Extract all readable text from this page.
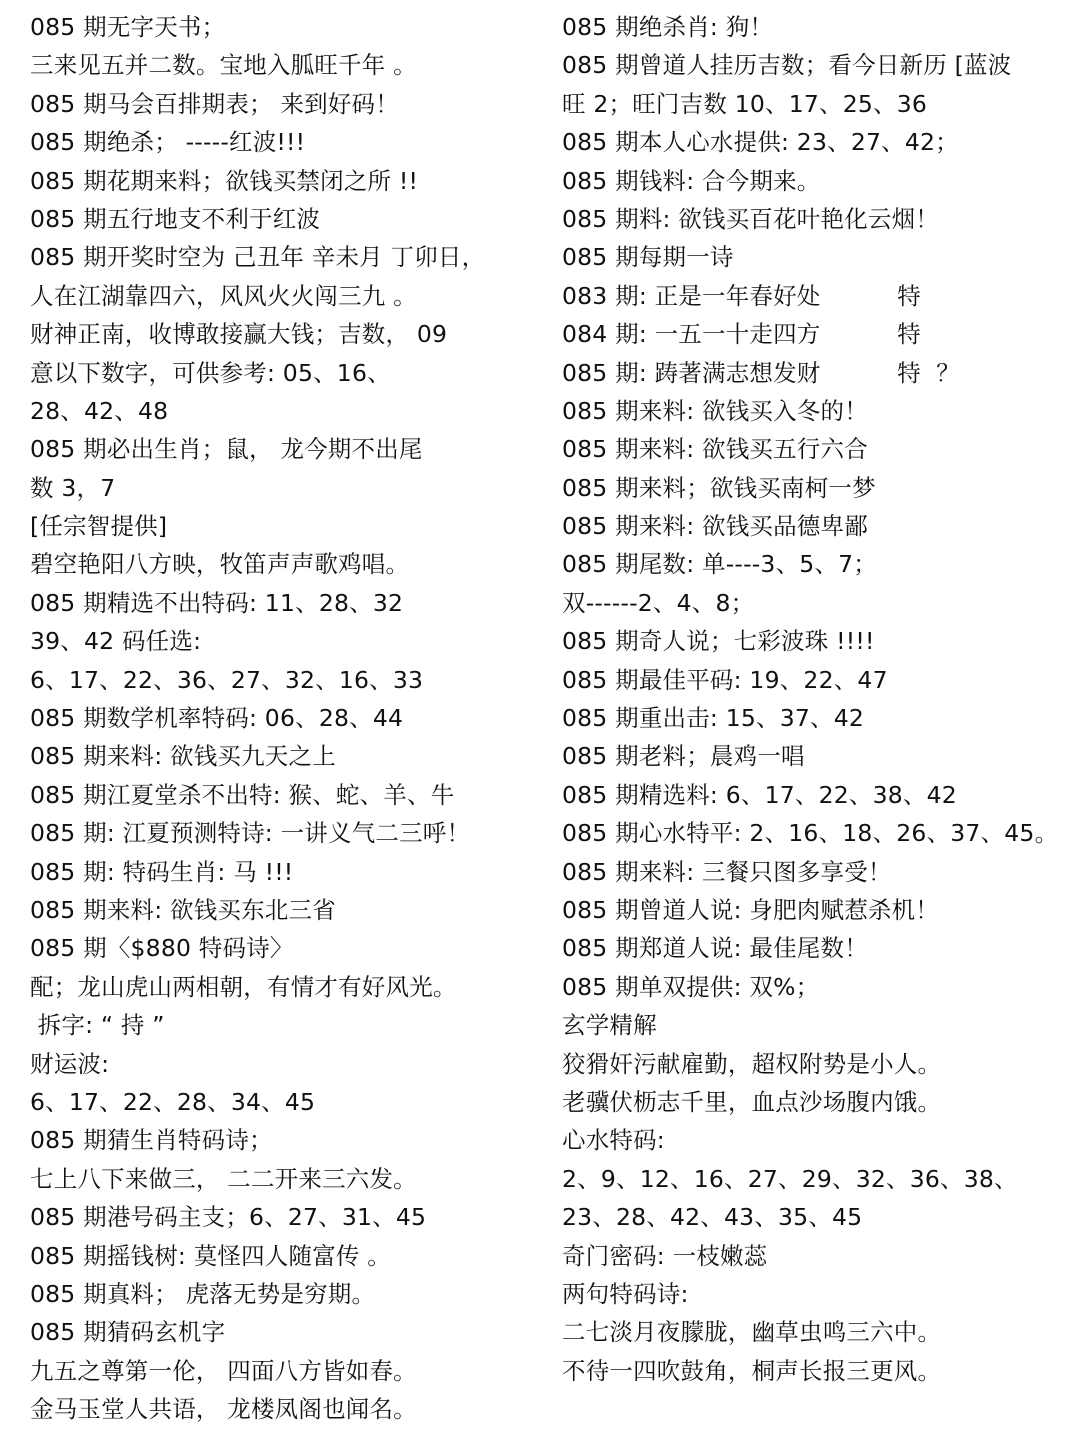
085 期无字天书；
三来见五并二数。宝地入胍旺千年 。
085 期马会百排期表； 来到好码！
085 期绝杀； -----红波!!!
085 期花期来料；欲钱买禁闭之所 !!
085 期五行地支不利于红波
085 期开奖时空为 己丑年 辛未月 丁卯日，
人在江湖靠四六，风风火火闯三九 。
财神正南，收博敢接赢大钱；吉数， 09
意以下数字，可供参考: 05、16、
28、42、48
085 期必出生肖；鼠， 龙今期不出尾
数 3，7
[任宗智提供]
碧空艳阳八方映，牧笛声声歌鸡唱。
085 期精选不出特码: 11、28、32
39、42 码任选:
6、17、22、36、27、32、16、33
085 期数学机率特码: 06、28、44
085 期来料: 欲钱买九天之上
085 期江夏堂杀不出特: 猴、蛇、羊、牛
085 期: 江夏预测特诗: 一讲义气二三呼！
085 期: 特码生肖: 马 !!!
085 期来料: 欲钱买东北三省
085 期〈$880 特码诗〉
配；龙山虎山两相朝，有情才有好风光。
拆字: “ 持 ”
财运波:
6、17、22、28、34、45
085 期猜生肖特码诗；
七上八下来做三， 二二开来三六发。
085 期港号码主支；6、27、31、45
085 期摇钱树: 莫怪四人随富传 。
085 期真料； 虎落无势是穷期。
085 期猜码玄机字
九五之尊第一伦， 四面八方皆如春。
金马玉堂人共语， 龙楼凤阁也闻名。
085 期绝杀肖: 狗！
085 期曾道人挂历吉数；看今日新历 [蓝波
旺 2；旺门吉数 10、17、25、36
085 期本人心水提供: 23、27、42；
085 期钱料: 合今期来。
085 期料: 欲钱买百花叶艳化云烟！
085 期每期一诗
083 期: 正是一年春好处          特
084 期: 一五一十走四方          特
085 期: 踌著满志想发财          特  ？
085 期来料: 欲钱买入冬的！
085 期来料: 欲钱买五行六合
085 期来料；欲钱买南柯一梦
085 期来料: 欲钱买品德卑鄙
085 期尾数: 单----3、5、7；
双------2、4、8；
085 期奇人说；七彩波珠 !!!!
085 期最佳平码: 19、22、47
085 期重出击: 15、37、42
085 期老料；晨鸡一唱
085 期精选料: 6、17、22、38、42
085 期心水特平: 2、16、18、26、37、45。
085 期来料: 三餐只图多享受！
085 期曾道人说: 身肥肉赋惹杀机！
085 期郑道人说: 最佳尾数！
085 期单双提供: 双%；
玄学精解
狡猾奸污献雇勤，超权附势是小人。
老骥伏枥志千里，血点沙场腹内饿。
心水特码:
2、9、12、16、27、29、32、36、38、
23、28、42、43、35、45
奇门密码: 一枝嫩蕊
两句特码诗:
二七淡月夜朦胧，幽草虫鸣三六中。
不待一四吹鼓角，桐声长报三更风。
